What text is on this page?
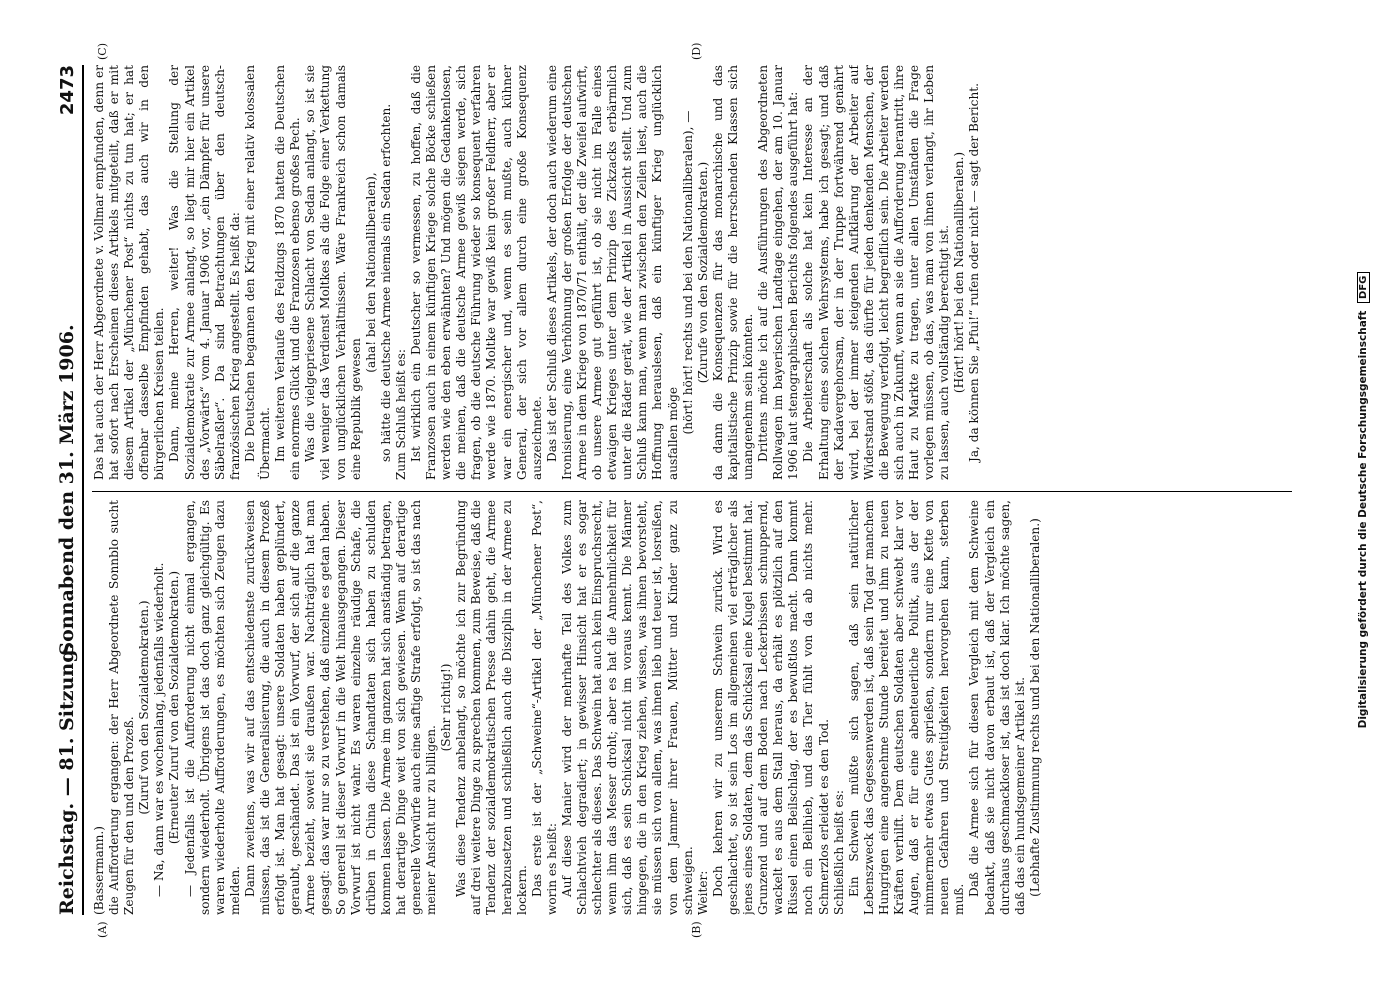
Reichstag. — 81. Sitzung.
Sonnabend den 31. März 1906.
2473
(A)	(B)
(C)	(D)

(Bassermann.) die Aufforderung ergangen: der Herr Abgeordnete Sonnblo sucht Zeugen für den und den Prozeß.

(Zuruf von den Sozialdemokraten.) — Na, dann war es wochenlang, jedenfalls wiederholt. (Erneuter Zuruf von den Sozialdemokraten.) — Jedenfalls ist die Aufforderung nicht einmal ergangen, sondern wiederholt. Übrigens ist das doch ganz gleichgültig. Es waren wiederholte Aufforderungen, es möchten sich Zeugen dazu melden. Dann zweitens, was wir auf das entschiedenste zurückweisen müssen, das ist die Generalisierung, die auch in diesem Prozeß erfolgt ist. Man hat gesagt: unsere Soldaten haben geplündert, geraubt, geschändet. Das ist ein Vorwurf, der sich auf die ganze Armee bezieht, soweit sie draußen war. Nachträglich hat man gesagt: das war nur so zu verstehen, daß einzelne es getan haben. So generell ist dieser Vorwurf in die Welt hinausgegangen. Dieser Vorwurf ist nicht wahr. Es waren einzelne räudige Schafe, die drüben in China diese Schandtaten sich haben zu schulden kommen lassen. Die Armee im ganzen hat sich anständig betragen, hat derartige Dinge weit von sich gewiesen. Wenn auf derartige generelle Vorwürfe auch eine saftige Strafe erfolgt, so ist das nach meiner Ansicht nur zu billigen.

(Sehr richtig!) Was diese Tendenz anbelangt, so möchte ich zur Begründung auf drei weitere Dinge zu sprechen kommen, zum Beweise, daß die Tendenz der sozialdemokratischen Presse dahin geht, die Armee herabzusetzen und schließlich auch die Disziplin in der Armee zu lockern. Das erste ist der „Schweine“-Artikel der „Münchener Post“, worin es heißt: Auf diese Manier wird der mehrhafte Teil des Volkes zum Schlachtvieh degradiert; in gewisser Hinsicht hat er es sogar schlechter als dieses. Das Schwein hat auch kein Einspruchsrecht, wenn ihm das Messer droht; aber es hat die Annehmlichkeit für sich, daß es sein Schicksal nicht im voraus kennt. Die Männer hingegen, die in den Krieg ziehen, wissen, was ihnen bevorsteht, sie müssen sich von allem, was ihnen lieb und teuer ist, losreißen, von dem Jammer ihrer Frauen, Mütter und Kinder ganz zu schweigen. Weiter: Doch kehren wir zu unserem Schwein zurück. Wird es geschlachtet, so ist sein Los im allgemeinen viel erträglicher als jenes eines Soldaten, dem das Schicksal eine Kugel bestimmt hat. Grunzend und auf dem Boden nach Leckerbissen schnuppernd, wackelt es aus dem Stall heraus, da erhält es plötzlich auf den Rüssel einen Beilschlag, der es bewußtlos macht. Dann kommt noch ein Beilhieb, und das Tier fühlt von da ab nichts mehr. Schmerzlos erleidet es den Tod. Schließlich heißt es: Ein Schwein müßte sich sagen, daß sein natürlicher Lebenszweck das Gegessenwerden ist, daß sein Tod gar manchem Hungrigen eine angenehme Stunde bereitet und ihm zu neuen Kräften verhilft. Dem deutschen Soldaten aber schwebt klar vor Augen, daß er für eine abenteuerliche Politik, aus der der nimmermehr etwas Gutes sprießen, sondern nur eine Kette von neuen Gefahren und Streitigkeiten hervorgehen kann, sterben muß.

Daß die Armee sich für diesen Vergleich mit dem Schweine bedankt, daß sie nicht davon erbaut ist, daß der Vergleich ein durchaus geschmackloser ist, das ist doch klar. Ich möchte sagen, daß das ein hundsgemeiner Artikel ist. (Lebhafte Zustimmung rechts und bei den Nationalliberalen.)

Das hat auch der Herr Abgeordnete v. Vollmar empfunden, denn er hat sofort nach Erscheinen dieses Artikels mitgeteilt, daß er mit diesem Artikel der „Münchener Post“ nichts zu tun hat; er hat offenbar dasselbe Empfinden gehabt, das auch wir in den bürgerlichen Kreisen teilen. Dann, meine Herren, weiter! Was die Stellung der Sozialdemokratie zur Armee anlangt, so liegt mir hier ein Artikel des „Vorwärts“ vom 4. Januar 1906 vor, „ein Dämpfer für unsere Säbelraßler“. Da sind Betrachtungen über den deutsch-französischen Krieg angestellt. Es heißt da: Die Deutschen begannen den Krieg mit einer relativ kolossalen Übermacht. Im weiteren Verlaufe des Feldzugs 1870 hatten die Deutschen ein enormes Glück und die Franzosen ebenso großes Pech. Was die vielgepriesene Schlacht von Sedan anlangt, so ist sie viel weniger das Verdienst Moltkes als die Folge einer Verkettung von unglücklichen Verhältnissen. Wäre Frankreich schon damals eine Republik gewesen

(aha! bei den Nationalliberalen), so hätte die deutsche Armee niemals ein Sedan erfochten. Zum Schluß heißt es: Ist wirklich ein Deutscher so vermessen, zu hoffen, daß die Franzosen auch in einem künftigen Kriege solche Böcke schießen werden wie den eben erwähnten? Und mögen die Gedankenlosen, die meinen, daß die deutsche Armee gewiß siegen werde, sich fragen, ob die deutsche Führung wieder so konsequent verfahren werde wie 1870. Moltke war gewiß kein großer Feldherr, aber er war ein energischer und, wenn es sein mußte, auch kühner General, der sich vor allem durch eine große Konsequenz auszeichnete. Das ist der Schluß dieses Artikels, der doch auch wiederum eine Ironisierung, eine Verhöhnung der großen Erfolge der deutschen Armee in dem Kriege von 1870/71 enthält, der die Zweifel aufwirft, ob unsere Armee gut geführt ist, ob sie nicht im Falle eines etwaigen Krieges unter dem Prinzip des Zickzacks erbärmlich unter die Räder gerät, wie der Artikel in Aussicht stellt. Und zum Schluß kann man, wenn man zwischen den Zeilen liest, auch die Hoffnung herauslesen, daß ein künftiger Krieg unglücklich ausfallen möge (hört! hört! rechts und bei den Nationalliberalen), — (Zurufe von den Sozialdemokraten.) da dann die Konsequenzen für das monarchische und das kapitalistische Prinzip sowie für die herrschenden Klassen sich unangenehm sein könnten. Drittens möchte ich auf die Ausführungen des Abgeordneten Rollwagen im bayerischen Landtage eingehen, der am 10. Januar 1906 laut stenographischen Berichts folgendes ausgeführt hat: Die Arbeiterschaft als solche hat kein Interesse an der Erhaltung eines solchen Wehrsystems, habe ich gesagt; und daß der Kadavergehorsam, der in der Truppe fortwährend genährt wird, bei der immer steigenden Aufklärung der Arbeiter auf Widerstand stößt, das dürfte für jeden denkenden Menschen, der die Bewegung verfolgt, leicht begreiflich sein. Die Arbeiter werden sich auch in Zukunft, wenn an sie die Aufforderung herantritt, ihre Haut zu Markte zu tragen, unter allen Umständen die Frage vorlegen müssen, ob das, was man von ihnen verlangt, ihr Leben zu lassen, auch vollständig berechtigt ist. (Hört! hört! bei den Nationalliberalen.) Ja, da können Sie „Pfui!“ rufen oder nicht — sagt der Bericht.

Digitalisierung gefördert durch die Deutsche Forschungsgemeinschaft DFG
